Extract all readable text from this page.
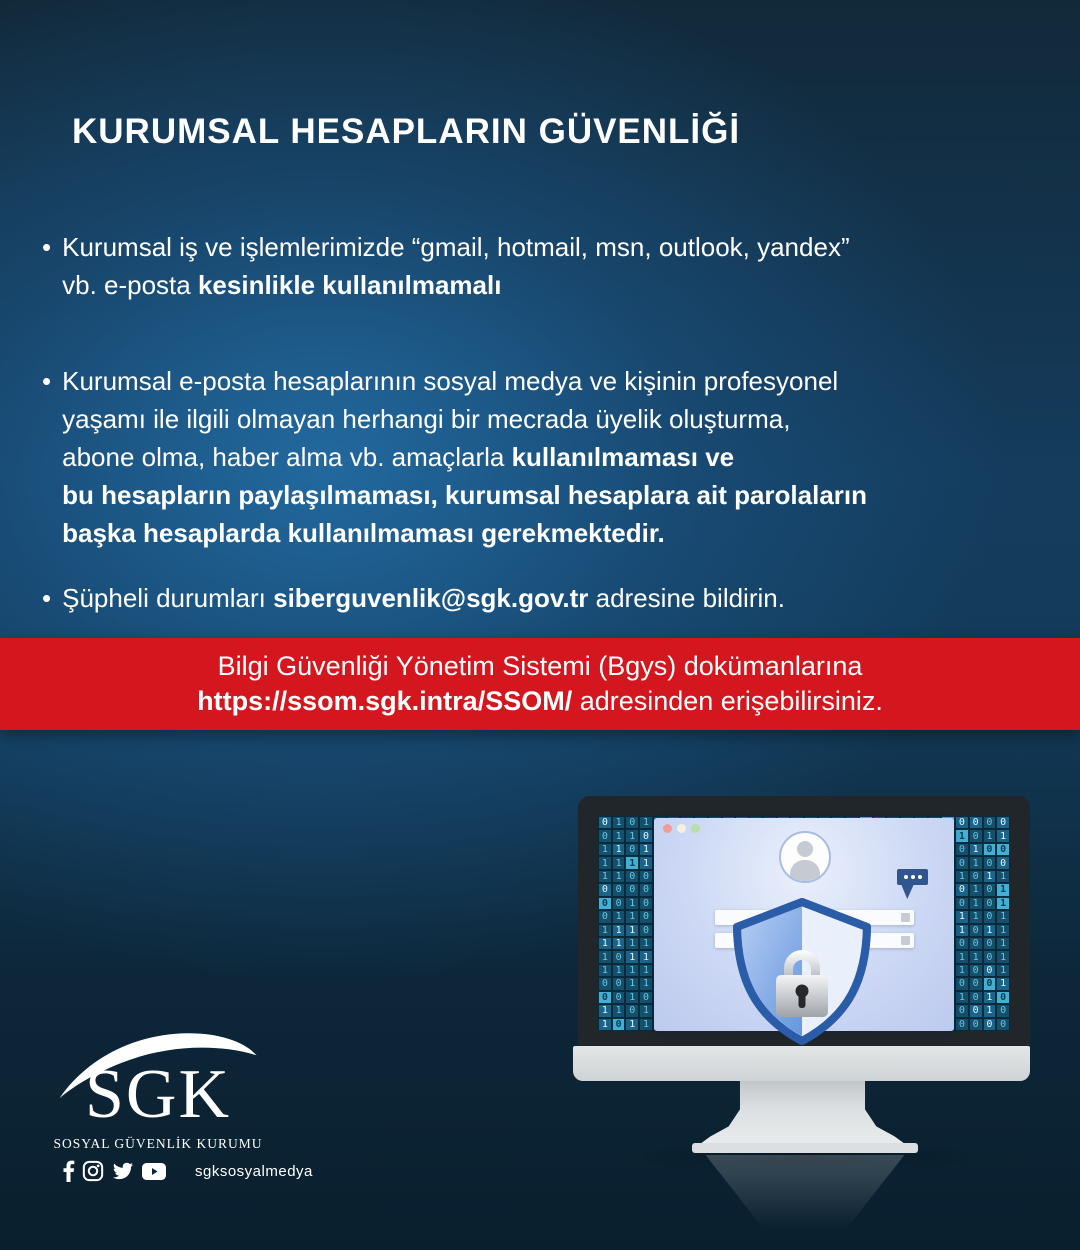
KURUMSAL HESAPLARIN GÜVENLİĞİ
• Kurumsal iş ve işlemlerimizde “gmail, hotmail, msn, outlook, yandex”
vb. e-posta kesinlikle kullanılmamalı
• Kurumsal e-posta hesaplarının sosyal medya ve kişinin profesyonel
yaşamı ile ilgili olmayan herhangi bir mecrada üyelik oluşturma,
abone olma, haber alma vb. amaçlarla kullanılmaması ve
bu hesapların paylaşılmaması, kurumsal hesaplara ait parolaların
başka hesaplarda kullanılmaması gerekmektedir.
• Şüpheli durumları siberguvenlik@sgk.gov.tr adresine bildirin.
Bilgi Güvenliği Yönetim Sistemi (Bgys) dokümanlarına
https://ssom.sgk.intra/SSOM/ adresinden erişebilirsiniz.
0 1 0 1	0 0 0 0
0 1 1 0	1 0 1 1
1 1 0 1	0 1 0 0
1 1 1 1	0 1 0 0
1 1 0 0	1 0 1 1
0 0 0 0	0 1 0 1
0 0 1 0	0 1 0 1
0 1 1 0	1 1 0 1
1 1 1 0	1 0 1 1
1 1 1 1	0 0 0 1
1 0 1 1	1 1 0 1
1 1 1 1	1 0 0 1
0 0 1 1	0 0 0 1
0 0 1 0	1 0 1 0
1 1 0 1	0 0 1 0
1 0 1 1	0 0 0 0
SGK
SOSYAL GÜVENLİK KURUMU
sgksosyalmedya
